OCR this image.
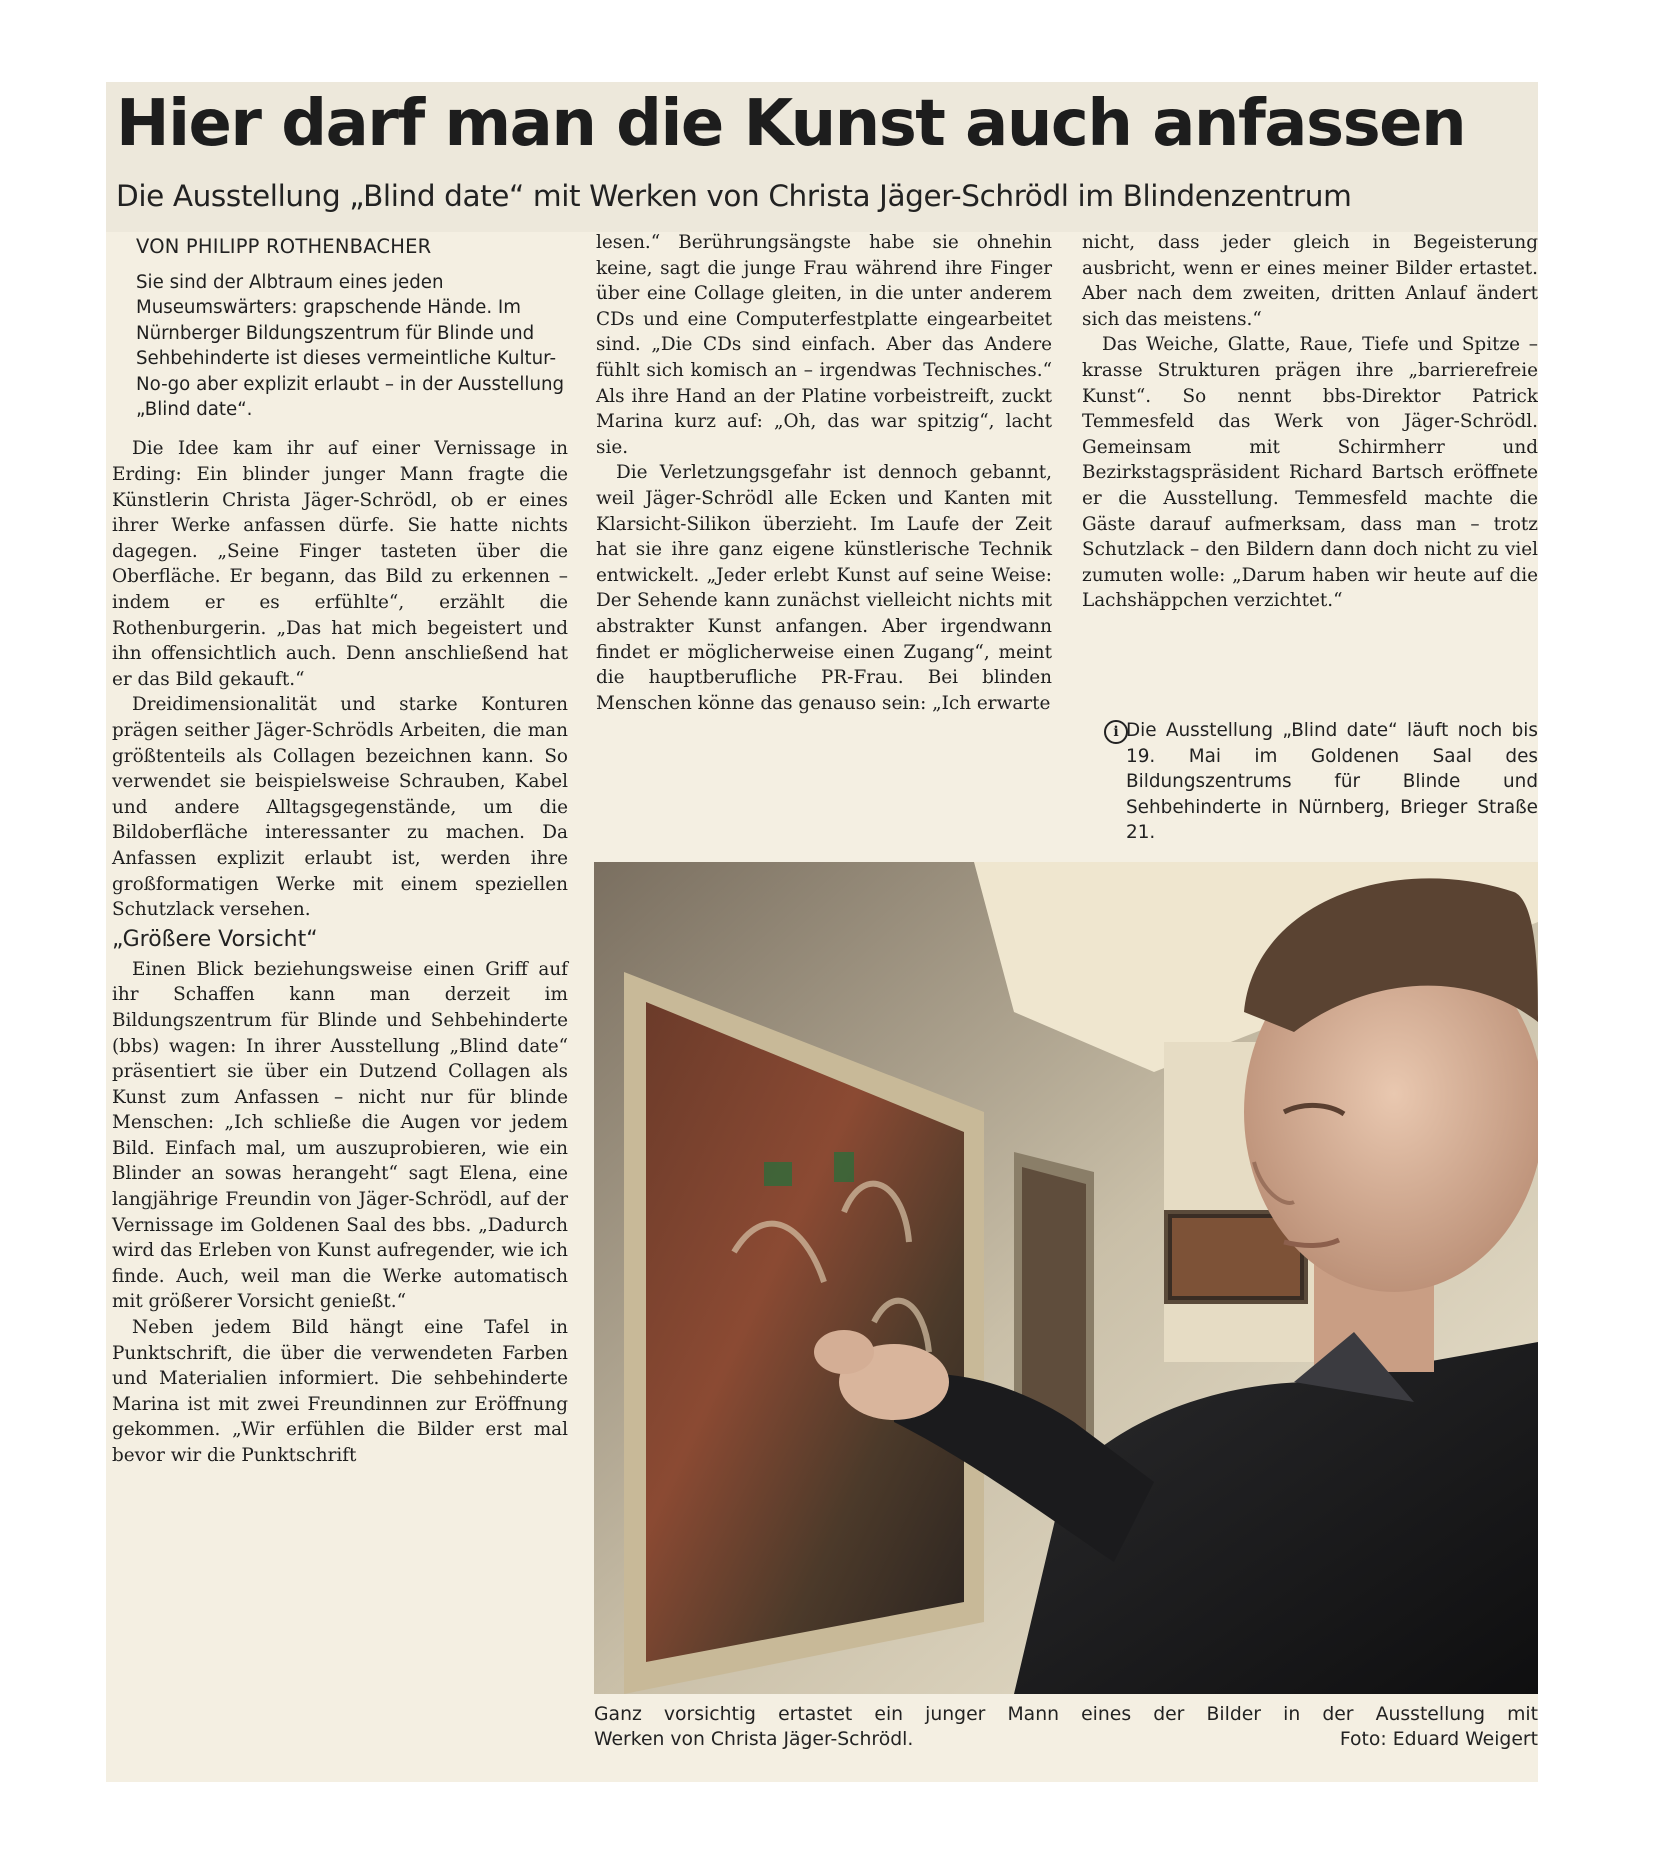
Hier darf man die Kunst auch anfassen
Die Ausstellung „Blind date“ mit Werken von Christa Jäger-Schrödl im Blindenzentrum
VON PHILIPP ROTHENBACHER
Sie sind der Albtraum eines jeden Museumswärters: grapschende Hände. Im Nürnberger Bildungszentrum für Blinde und Sehbehinderte ist dieses vermeintliche Kultur-No-go aber explizit erlaubt – in der Ausstellung „Blind date“.

Die Idee kam ihr auf einer Vernissage in Erding: Ein blinder junger Mann fragte die Künstlerin Christa Jäger-Schrödl, ob er eines ihrer Werke anfassen dürfe. Sie hatte nichts dagegen. „Seine Finger tasteten über die Oberfläche. Er begann, das Bild zu erkennen – indem er es erfühlte“, erzählt die Rothenburgerin. „Das hat mich begeistert und ihn offensichtlich auch. Denn anschließend hat er das Bild gekauft.“

Dreidimensionalität und starke Konturen prägen seither Jäger-Schrödls Arbeiten, die man größtenteils als Collagen bezeichnen kann. So verwendet sie beispielsweise Schrauben, Kabel und andere Alltagsgegenstände, um die Bildoberfläche interessanter zu machen. Da Anfassen explizit erlaubt ist, werden ihre großformatigen Werke mit einem speziellen Schutzlack versehen.

„Größere Vorsicht“

Einen Blick beziehungsweise einen Griff auf ihr Schaffen kann man derzeit im Bildungszentrum für Blinde und Sehbehinderte (bbs) wagen: In ihrer Ausstellung „Blind date“ präsentiert sie über ein Dutzend Collagen als Kunst zum Anfassen – nicht nur für blinde Menschen: „Ich schließe die Augen vor jedem Bild. Einfach mal, um auszuprobieren, wie ein Blinder an sowas herangeht“ sagt Elena, eine langjährige Freundin von Jäger-Schrödl, auf der Vernissage im Goldenen Saal des bbs. „Dadurch wird das Erleben von Kunst aufregender, wie ich finde. Auch, weil man die Werke automatisch mit größerer Vorsicht genießt.“

Neben jedem Bild hängt eine Tafel in Punktschrift, die über die verwendeten Farben und Materialien informiert. Die sehbehinderte Marina ist mit zwei Freundinnen zur Eröffnung gekommen. „Wir erfühlen die Bilder erst mal bevor wir die Punktschrift

lesen.“ Berührungsängste habe sie ohnehin keine, sagt die junge Frau während ihre Finger über eine Collage gleiten, in die unter anderem CDs und eine Computerfestplatte eingearbeitet sind. „Die CDs sind einfach. Aber das Andere fühlt sich komisch an – irgendwas Technisches.“ Als ihre Hand an der Platine vorbeistreift, zuckt Marina kurz auf: „Oh, das war spitzig“, lacht sie.

Die Verletzungsgefahr ist dennoch gebannt, weil Jäger-Schrödl alle Ecken und Kanten mit Klarsicht-Silikon überzieht. Im Laufe der Zeit hat sie ihre ganz eigene künstlerische Technik entwickelt. „Jeder erlebt Kunst auf seine Weise: Der Sehende kann zunächst vielleicht nichts mit abstrakter Kunst anfangen. Aber irgendwann findet er möglicherweise einen Zugang“, meint die hauptberufliche PR-Frau. Bei blinden Menschen könne das genauso sein: „Ich erwarte

nicht, dass jeder gleich in Begeisterung ausbricht, wenn er eines meiner Bilder ertastet. Aber nach dem zweiten, dritten Anlauf ändert sich das meistens.“

Das Weiche, Glatte, Raue, Tiefe und Spitze – krasse Strukturen prägen ihre „barrierefreie Kunst“. So nennt bbs-Direktor Patrick Temmesfeld das Werk von Jäger-Schrödl. Gemeinsam mit Schirmherr und Bezirkstagspräsident Richard Bartsch eröffnete er die Ausstellung. Temmesfeld machte die Gäste darauf aufmerksam, dass man – trotz Schutzlack – den Bildern dann doch nicht zu viel zumuten wolle: „Darum haben wir heute auf die Lachshäppchen verzichtet.“

i Die Ausstellung „Blind date“ läuft noch bis 19. Mai im Goldenen Saal des Bildungszentrums für Blinde und Sehbehinderte in Nürnberg, Brieger Straße 21.
Ganz vorsichtig ertastet ein junger Mann eines der Bilder in der Ausstellung mit
Werken von Christa Jäger-Schrödl.	Foto: Eduard Weigert
